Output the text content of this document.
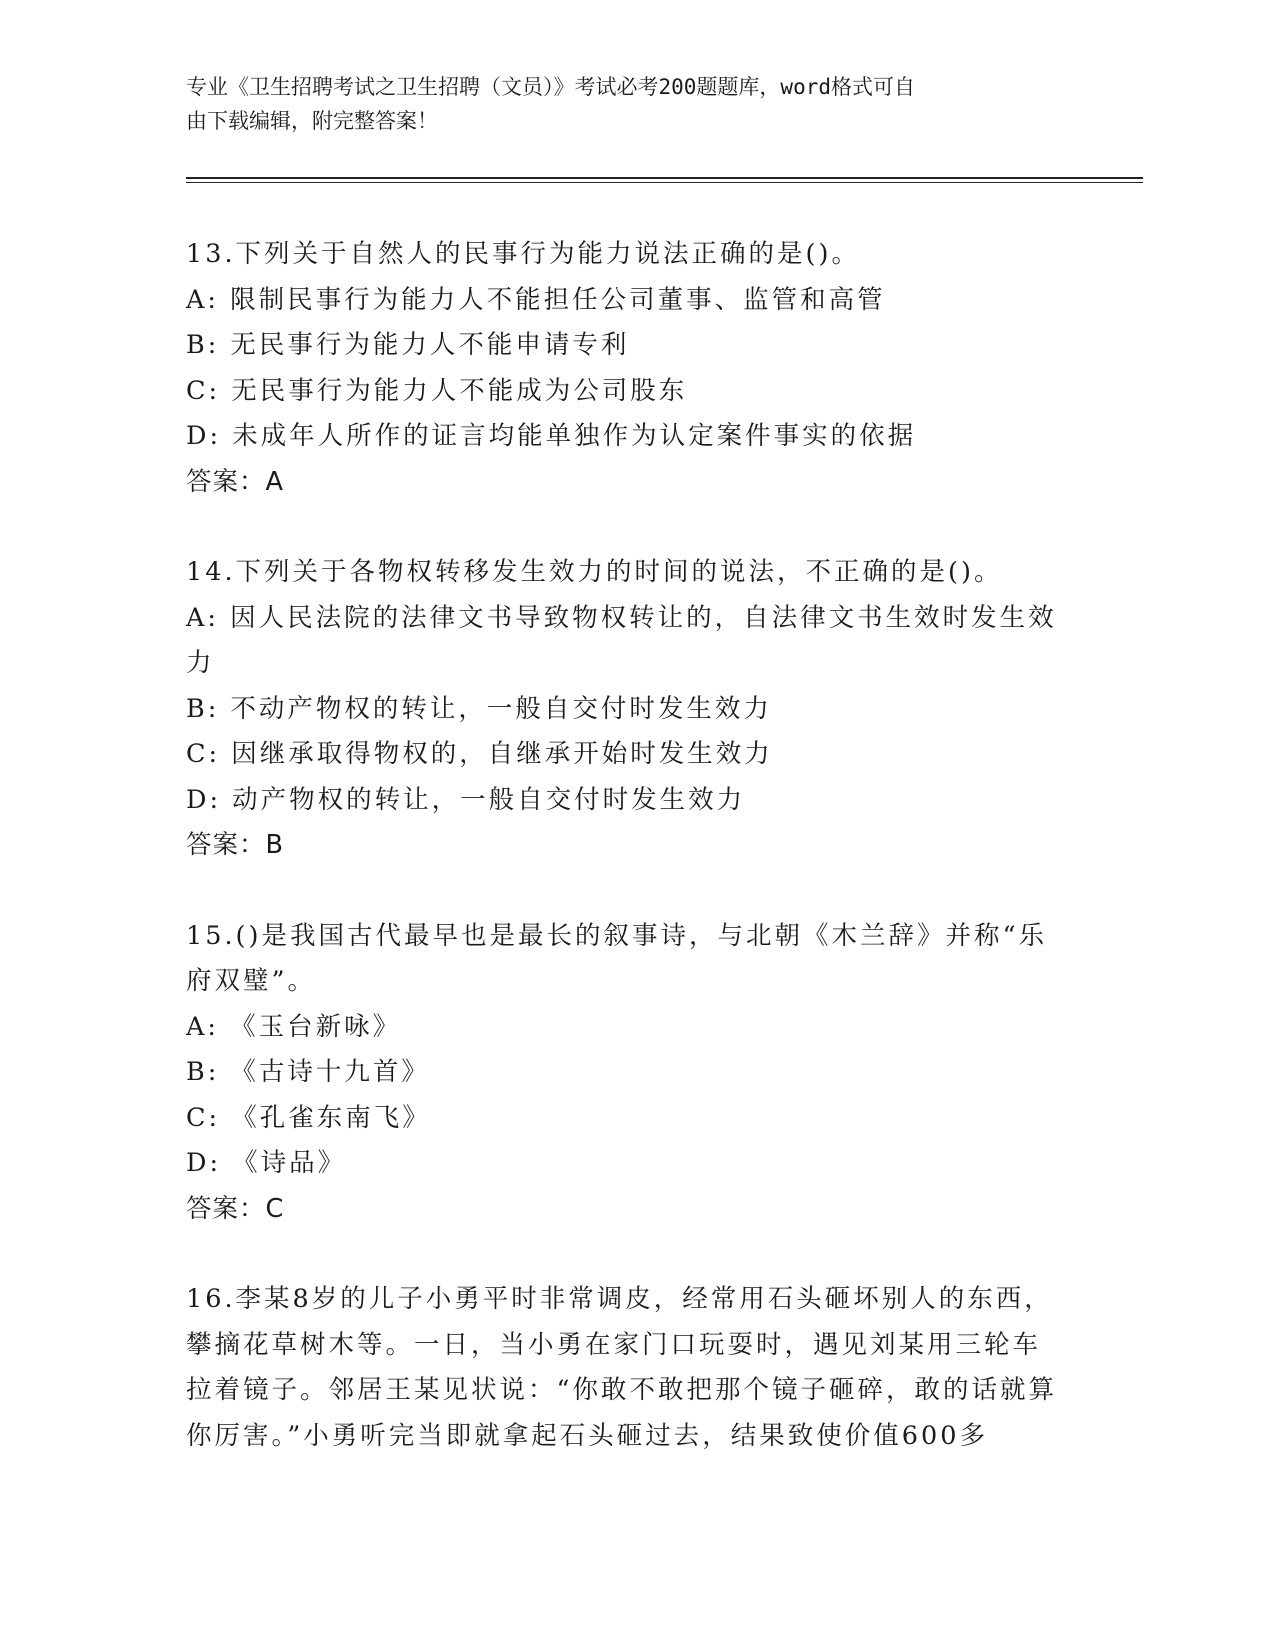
专业《卫生招聘考试之卫生招聘（文员）》考试必考200题题库，word格式可自
由下载编辑，附完整答案！

13.下列关于自然人的民事行为能力说法正确的是()。

A: 限制民事行为能力人不能担任公司董事、监管和高管

B: 无民事行为能力人不能申请专利

C: 无民事行为能力人不能成为公司股东

D: 未成年人所作的证言均能单独作为认定案件事实的依据

答案：A

14.下列关于各物权转移发生效力的时间的说法，不正确的是()。

A: 因人民法院的法律文书导致物权转让的，自法律文书生效时发生效力

B: 不动产物权的转让，一般自交付时发生效力

C: 因继承取得物权的，自继承开始时发生效力

D: 动产物权的转让，一般自交付时发生效力

答案：B

15.()是我国古代最早也是最长的叙事诗，与北朝《木兰辞》并称“乐府双璧”。

A: 《玉台新咏》

B: 《古诗十九首》

C: 《孔雀东南飞》

D: 《诗品》

答案：C

16.李某8岁的儿子小勇平时非常调皮，经常用石头砸坏别人的东西，攀摘花草树木等。一日，当小勇在家门口玩耍时，遇见刘某用三轮车拉着镜子。邻居王某见状说：“你敢不敢把那个镜子砸碎，敢的话就算你厉害。”小勇听完当即就拿起石头砸过去，结果致使价值600多
